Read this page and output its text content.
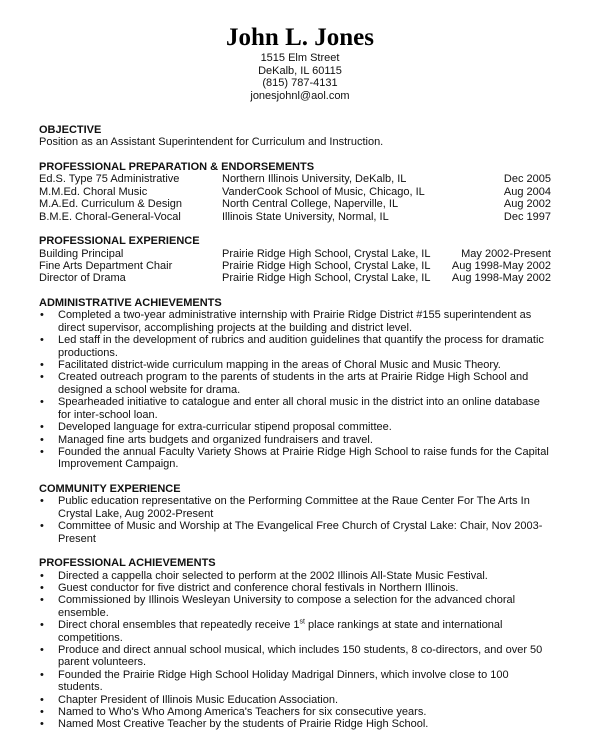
John L. Jones
1515 Elm Street
DeKalb, IL 60115
(815) 787-4131
jonesjohnl@aol.com
OBJECTIVE
Position as an Assistant Superintendent for Curriculum and Instruction.
PROFESSIONAL PREPARATION & ENDORSEMENTS
Ed.S. Type 75 Administrative	Northern Illinois University, DeKalb, IL	Dec 2005
M.M.Ed. Choral Music	VanderCook School of Music, Chicago, IL	Aug 2004
M.A.Ed. Curriculum & Design	North Central College, Naperville, IL	Aug 2002
B.M.E. Choral-General-Vocal	Illinois State University, Normal, IL	Dec 1997
PROFESSIONAL EXPERIENCE
Building Principal	Prairie Ridge High School, Crystal Lake, IL	May 2002-Present
Fine Arts Department Chair	Prairie Ridge High School, Crystal Lake, IL	Aug 1998-May 2002
Director of Drama	Prairie Ridge High School, Crystal Lake, IL	Aug 1998-May 2002
ADMINISTRATIVE ACHIEVEMENTS
• Completed a two-year administrative internship with Prairie Ridge District #155 superintendent as direct supervisor, accomplishing projects at the building and district level.
• Led staff in the development of rubrics and audition guidelines that quantify the process for dramatic productions.
• Facilitated district-wide curriculum mapping in the areas of Choral Music and Music Theory.
• Created outreach program to the parents of students in the arts at Prairie Ridge High School and designed a school website for drama.
• Spearheaded initiative to catalogue and enter all choral music in the district into an online database for inter-school loan.
• Developed language for extra-curricular stipend proposal committee.
• Managed fine arts budgets and organized fundraisers and travel.
• Founded the annual Faculty Variety Shows at Prairie Ridge High School to raise funds for the Capital Improvement Campaign.
COMMUNITY EXPERIENCE
• Public education representative on the Performing Committee at the Raue Center For The Arts In Crystal Lake, Aug 2002-Present
• Committee of Music and Worship at The Evangelical Free Church of Crystal Lake: Chair, Nov 2003-Present
PROFESSIONAL ACHIEVEMENTS
• Directed a cappella choir selected to perform at the 2002 Illinois All-State Music Festival.
• Guest conductor for five district and conference choral festivals in Northern Illinois.
• Commissioned by Illinois Wesleyan University to compose a selection for the advanced choral ensemble.
• Direct choral ensembles that repeatedly receive 1st place rankings at state and international competitions.
• Produce and direct annual school musical, which includes 150 students, 8 co-directors, and over 50 parent volunteers.
• Founded the Prairie Ridge High School Holiday Madrigal Dinners, which involve close to 100 students.
• Chapter President of Illinois Music Education Association.
• Named to Who's Who Among America's Teachers for six consecutive years.
• Named Most Creative Teacher by the students of Prairie Ridge High School.
